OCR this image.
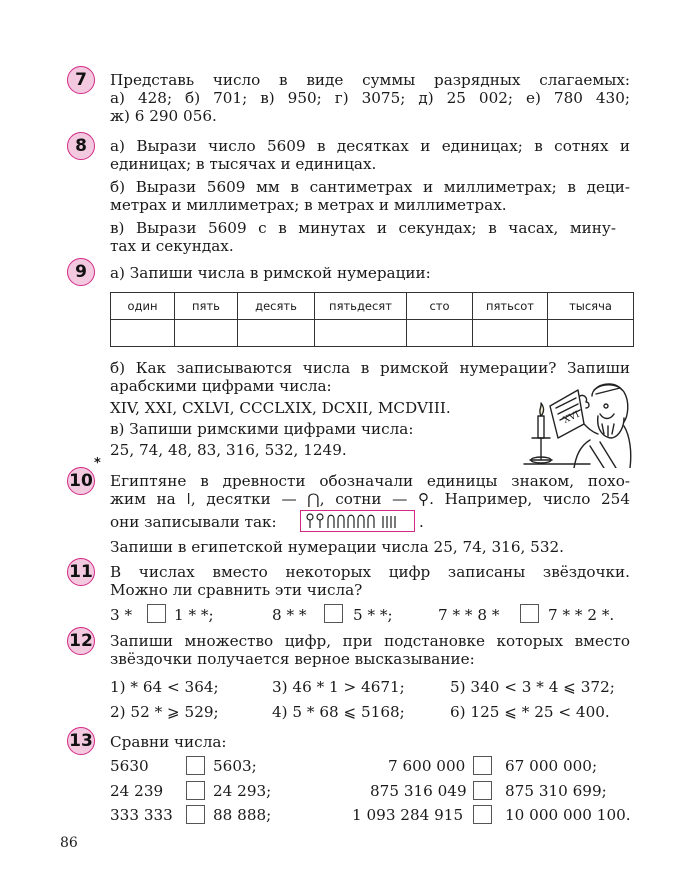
7	Представь число в виде суммы разрядных слагаемых:
а) 428; б) 701; в) 950; г) 3075; д) 25 002; е) 780 430;
ж) 6 290 056.
8	а) Вырази число 5609 в десятках и единицах; в сотнях и
единицах; в тысячах и единицах.
б) Вырази 5609 мм в сантиметрах и миллиметрах; в деци-
метрах и миллиметрах; в метрах и миллиметрах.
в) Вырази 5609 с в минутах и секундах; в часах, мину-
тах и секундах.
9	а) Запиши числа в римской нумерации:
один	пять	десять	пятьдесят	сто	пятьсот	тысяча

б) Как записываются числа в римской нумерации? Запиши
арабскими цифрами числа:
XIV, XXI, CXLVI, CCCLXIX, DCXII, MCDVIII.
в) Запиши римскими цифрами числа:
25, 74, 48, 83, 316, 532, 1249.
XVI
10
*
Египтяне в древности обозначали единицы знаком, похо-
жим на ǀ, десятки — ⋂, сотни — ⚲. Например, число 254
они записывали так:	.
Запиши в египетской нумерации числа 25, 74, 316, 532.
11 В числах вместо некоторых цифр записаны звёздочки.
Можно ли сравнить эти числа?
3 *	1 * *;	8 * *	5 * *;	7 * * 8 *	7 * * 2 *.
12 Запиши множество цифр, при подстановке которых вместо
звёздочки получается верное высказывание:
1) * 64 < 364;	3) 46 * 1 > 4671;	5) 340 < 3 * 4 ⩽ 372;
2) 52 * ⩾ 529;	4) 5 * 68 ⩽ 5168;	6) 125 ⩽ * 25 < 400.
13 Сравни числа:
5630	5603;	7 600 000	67 000 000;
24 239	24 293;	875 316 049	875 310 699;
333 333	88 888;	1 093 284 915	10 000 000 100.
86
